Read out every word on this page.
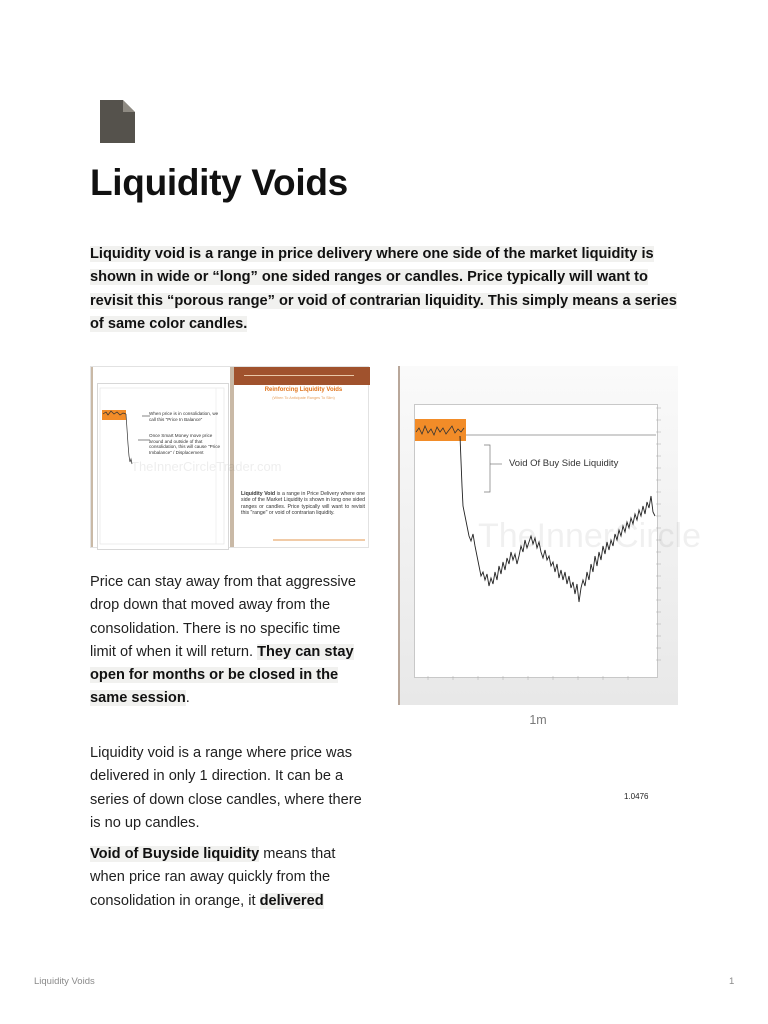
Liquidity Voids

Liquidity void is a range in price delivery where one side of the market liquidity is shown in wide or “long” one sided ranges or candles. Price typically will want to revisit this “porous range” or void of contrarian liquidity. This simply means a series of same color candles.

When price is in consolidation, we call this "Price In Balance"
Once Smart Money move price around and outside of that consolidation, this will cause "Price Imbalance" / Displacement
TheInnerCircleTrader.com
Reinforcing Liquidity Voids
(When To Anticipate Ranges To Slim)
Liquidity Void is a range in Price Delivery where one side of the Market Liquidity is shown in long one sided ranges or candles. Price typically will want to revisit this "range" or void of contrarian liquidity.
1.0476
Void Of Buy Side Liquidity
TheInnerCircle
1m

Price can stay away from that aggressive drop down that moved away from the consolidation. There is no specific time limit of when it will return. They can stay open for months or be closed in the same session.

Liquidity void is a range where price was delivered in only 1 direction. It can be a series of down close candles, where there is no up candles.

Void of Buyside liquidity means that when price ran away quickly from the consolidation in orange, it delivered

Liquidity Voids	1
